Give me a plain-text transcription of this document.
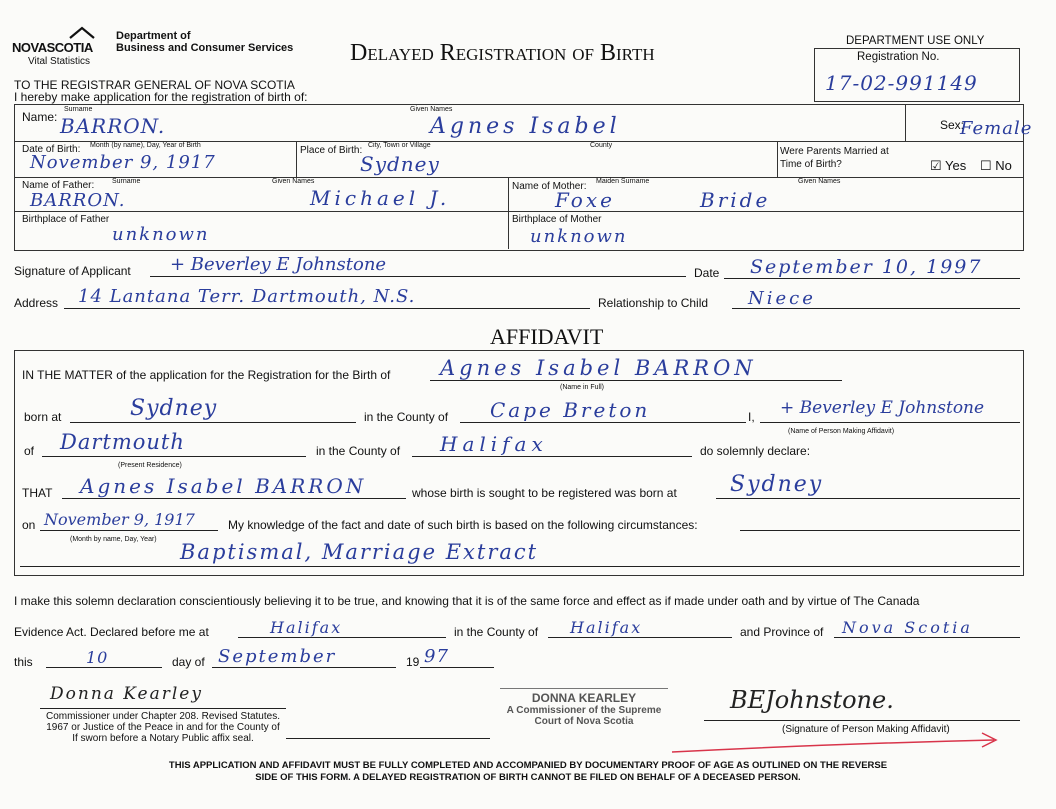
NOVASCOTIA
Vital Statistics
Department of
Business and Consumer Services Delayed Registration of Birth	DEPARTMENT USE ONLY
Registration No.
17-02-991149
TO THE REGISTRAR GENERAL OF NOVA SCOTIA
I hereby make application for the registration of birth of:
Name:
Surname
BARRON.
Given Names
Agnes Isabel	Sex:
Female
Date of Birth: Month (by name), Day, Year of Birth
November 9, 1917
Place of Birth: City, Town or Village
Sydney
County
Were Parents Married at Time of Birth?	☑ Yes ☐ No
Name of Father:	Surname
BARRON.
Given Names
Michael J.	Name of Mother: Maiden Surname
Foxe
Given Names
Bride
Birthplace of Father
unknown
Birthplace of Mother
unknown
Signature of Applicant + Beverley E Johnstone	Date September 10, 1997
Address 14 Lantana Terr. Dartmouth, N.S.	Relationship to Child Niece
AFFIDAVIT
IN THE MATTER of the application for the Registration for the Birth of Agnes Isabel BARRON
(Name in Full)
born at	Sydney	in the County of Cape Breton	I, + Beverley E Johnstone
(Name of Person Making Affidavit)
of Dartmouth
(Present Residence)
in the County of Halifax	do solemnly declare:
THAT Agnes Isabel BARRON	whose birth is sought to be registered was born at Sydney
on November 9, 1917
(Month by name, Day, Year)
My knowledge of the fact and date of such birth is based on the following circumstances:
Baptismal, Marriage Extract
I make this solemn declaration conscientiously believing it to be true, and knowing that it is of the same force and effect as if made under oath and by virtue of The Canada
Evidence Act. Declared before me at	Halifax	in the County of Halifax	and Province of Nova Scotia
this	10	day of September	19 97
Donna Kearley
Commissioner under Chapter 208. Revised Statutes.
1967 or Justice of the Peace in and for the County of
If sworn before a Notary Public affix seal.
DONNA KEARLEY
A Commissioner of the Supreme
Court of Nova Scotia
BEJohnstone.
(Signature of Person Making Affidavit)
THIS APPLICATION AND AFFIDAVIT MUST BE FULLY COMPLETED AND ACCOMPANIED BY DOCUMENTARY PROOF OF AGE AS OUTLINED ON THE REVERSE
SIDE OF THIS FORM. A DELAYED REGISTRATION OF BIRTH CANNOT BE FILED ON BEHALF OF A DECEASED PERSON.
